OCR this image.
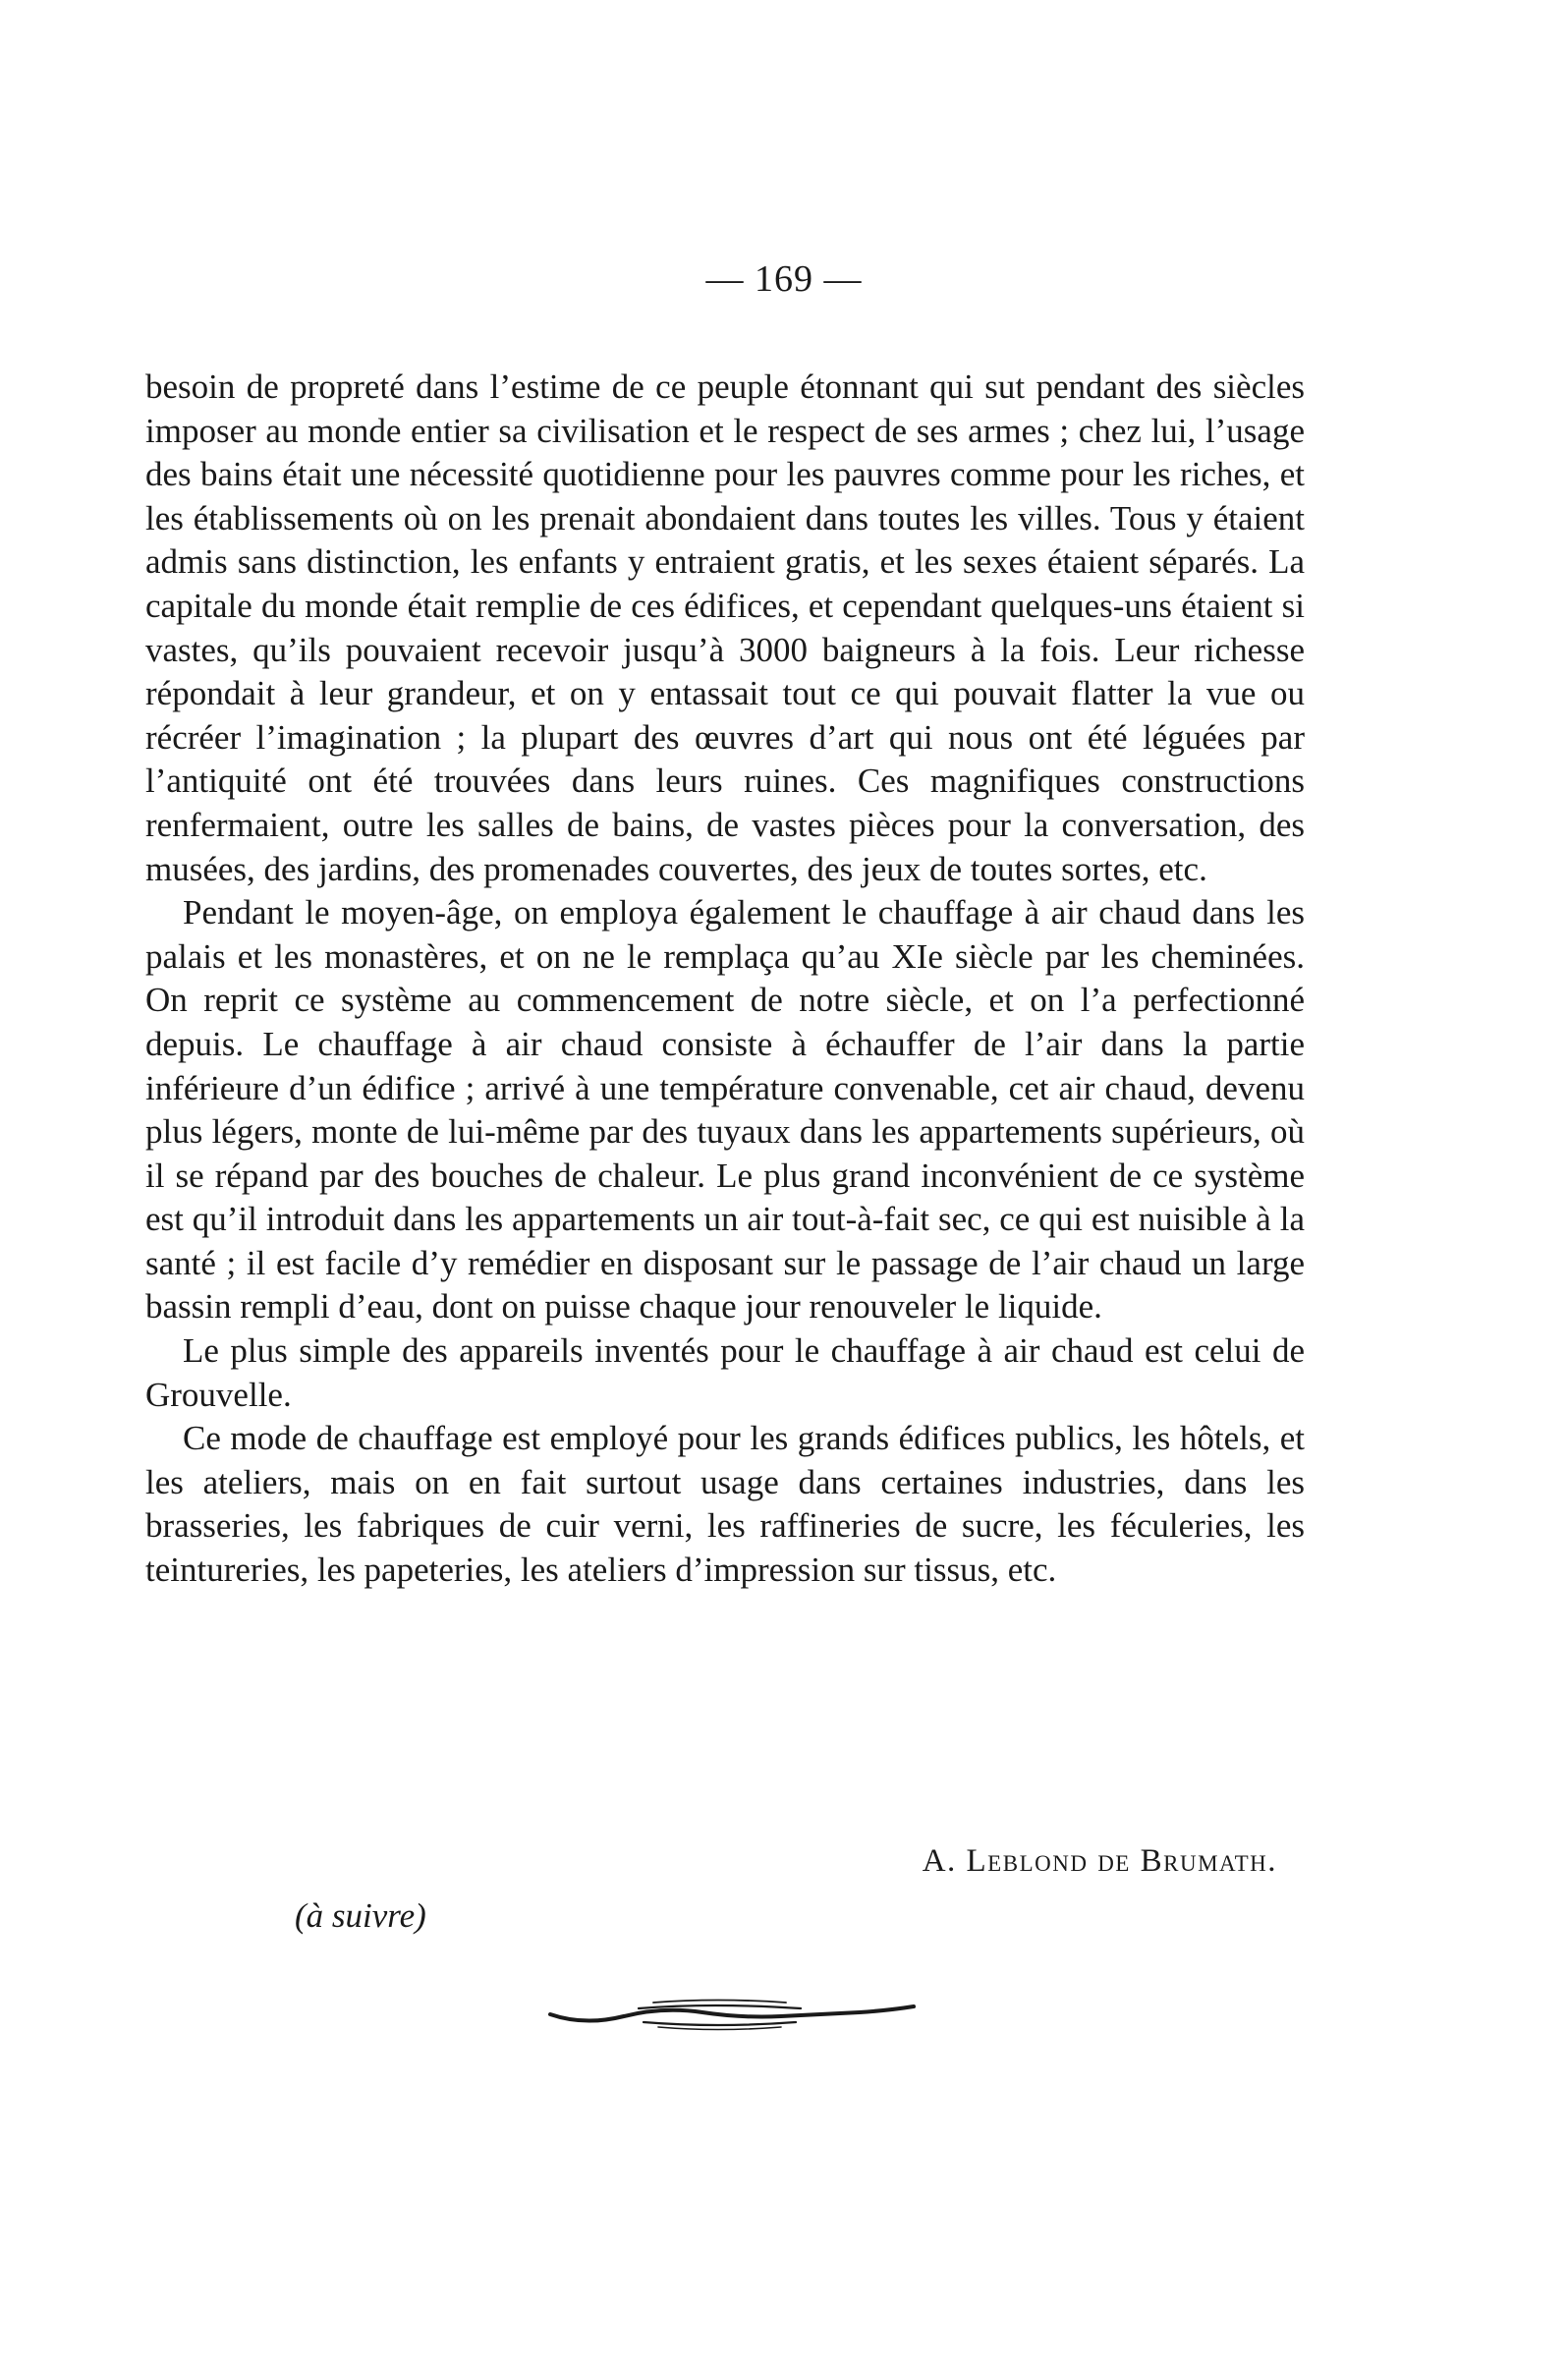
— 169 —

besoin de propreté dans l’estime de ce peuple étonnant qui sut pendant des siècles imposer au monde entier sa civilisation et le respect de ses armes ; chez lui, l’usage des bains était une nécessité quotidienne pour les pauvres comme pour les riches, et les établissements où on les prenait abondaient dans toutes les villes. Tous y étaient admis sans distinction, les enfants y entraient gratis, et les sexes étaient séparés. La capitale du monde était remplie de ces édifices, et cependant quelques-uns étaient si vastes, qu’ils pouvaient recevoir jusqu’à 3000 baigneurs à la fois. Leur richesse répondait à leur grandeur, et on y entassait tout ce qui pouvait flatter la vue ou récréer l’imagination ; la plupart des œuvres d’art qui nous ont été léguées par l’antiquité ont été trouvées dans leurs ruines. Ces magnifiques constructions renfermaient, outre les salles de bains, de vastes pièces pour la conversation, des musées, des jardins, des promenades couvertes, des jeux de toutes sortes, etc.

Pendant le moyen-âge, on employa également le chauffage à air chaud dans les palais et les monastères, et on ne le remplaça qu’au XIe siècle par les cheminées. On reprit ce système au commencement de notre siècle, et on l’a perfectionné depuis. Le chauffage à air chaud consiste à échauffer de l’air dans la partie inférieure d’un édifice ; arrivé à une température convenable, cet air chaud, devenu plus légers, monte de lui-même par des tuyaux dans les appartements supérieurs, où il se répand par des bouches de chaleur. Le plus grand inconvénient de ce système est qu’il introduit dans les appartements un air tout-à-fait sec, ce qui est nuisible à la santé ; il est facile d’y remédier en disposant sur le passage de l’air chaud un large bassin rempli d’eau, dont on puisse chaque jour renouveler le liquide.

Le plus simple des appareils inventés pour le chauffage à air chaud est celui de Grouvelle.

Ce mode de chauffage est employé pour les grands édifices publics, les hôtels, et les ateliers, mais on en fait surtout usage dans certaines industries, dans les brasseries, les fabriques de cuir verni, les raffineries de sucre, les féculeries, les teintureries, les papeteries, les ateliers d’impression sur tissus, etc.

A. Leblond de Brumath.
(à suivre)
